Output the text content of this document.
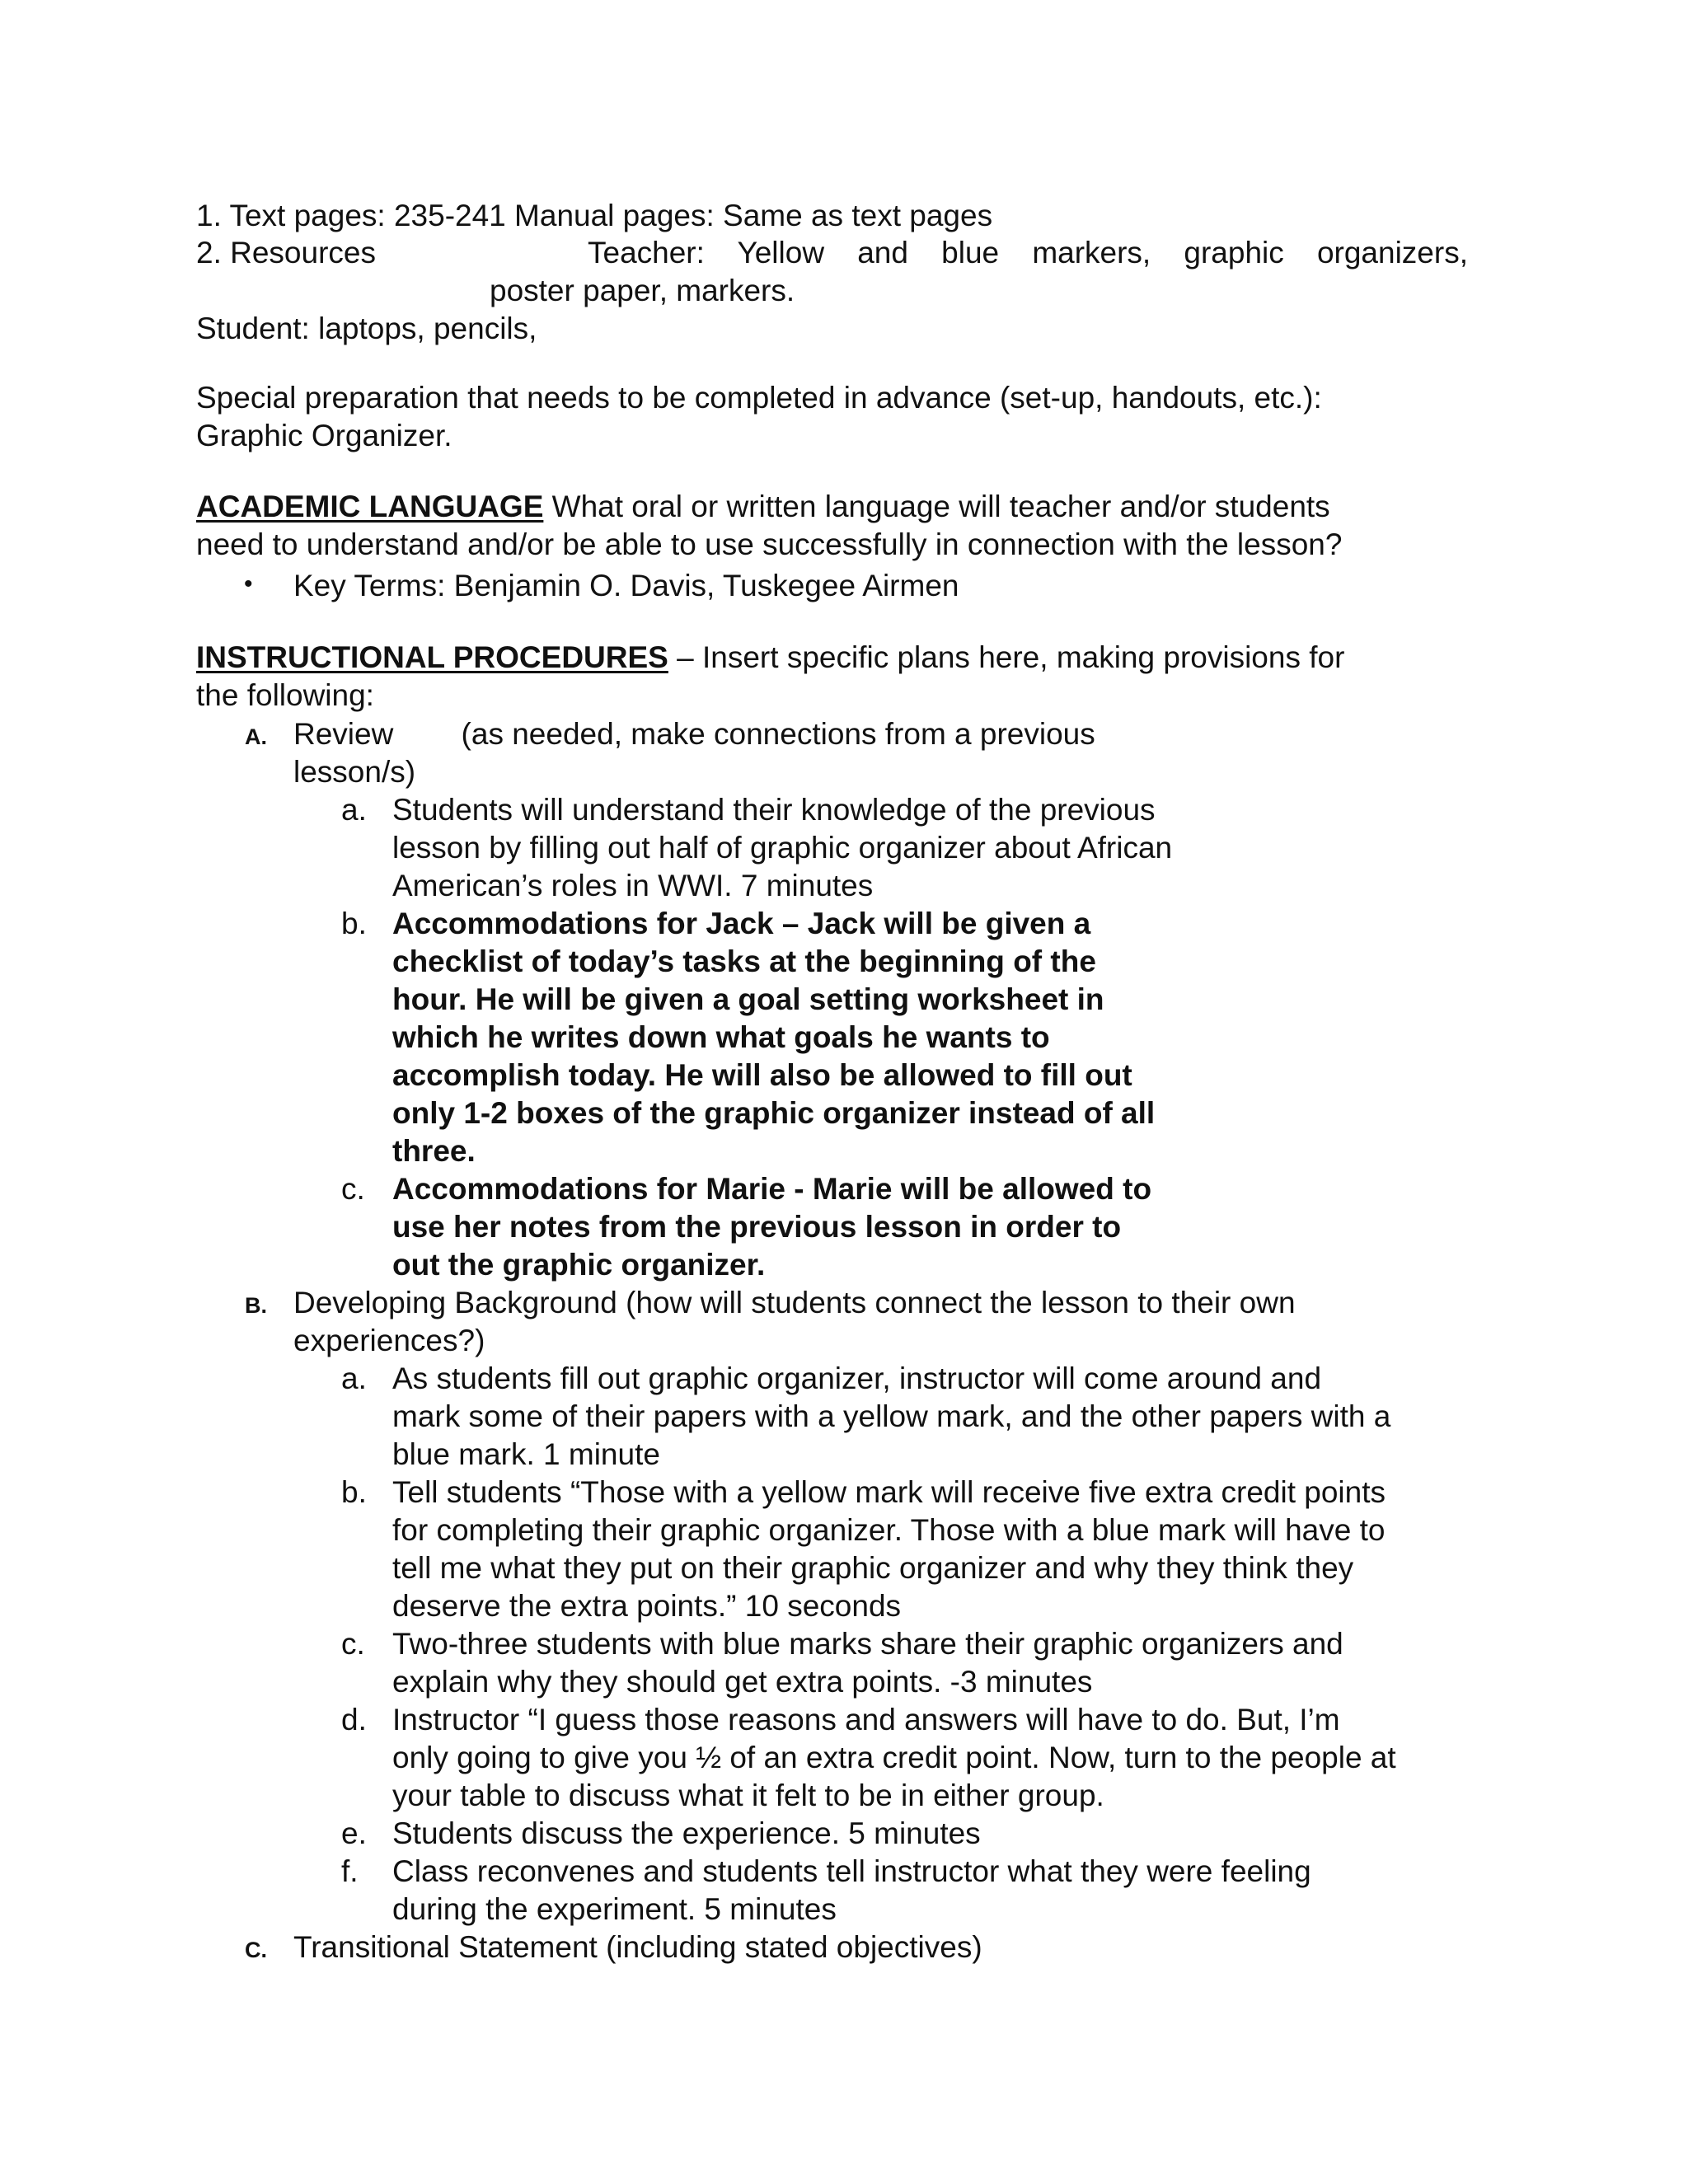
1. Text pages: 235-241 Manual pages: Same as text pages
2. Resources	Teacher: Yellow and blue markers, graphic organizers,
poster paper, markers.
Student: laptops, pencils,
Special preparation that needs to be completed in advance (set-up, handouts, etc.):
Graphic Organizer.
ACADEMIC LANGUAGE What oral or written language will teacher and/or students
need to understand and/or be able to use successfully in connection with the lesson?
• Key Terms: Benjamin O. Davis, Tuskegee Airmen
INSTRUCTIONAL PROCEDURES – Insert specific plans here, making provisions for
the following:
A. Review        (as needed, make connections from a previous
lesson/s)
a. Students will understand their knowledge of the previous
lesson by filling out half of graphic organizer about African
American’s roles in WWI. 7 minutes
b. Accommodations for Jack – Jack will be given a
checklist of today’s tasks at the beginning of the
hour. He will be given a goal setting worksheet in
which he writes down what goals he wants to
accomplish today. He will also be allowed to fill out
only 1-2 boxes of the graphic organizer instead of all
three.
c. Accommodations for Marie - Marie will be allowed to
use her notes from the previous lesson in order to
out the graphic organizer.
B. Developing Background (how will students connect the lesson to their own
experiences?)
a. As students fill out graphic organizer, instructor will come around and
mark some of their papers with a yellow mark, and the other papers with a
blue mark. 1 minute
b. Tell students “Those with a yellow mark will receive five extra credit points
for completing their graphic organizer. Those with a blue mark will have to
tell me what they put on their graphic organizer and why they think they
deserve the extra points.” 10 seconds
c. Two-three students with blue marks share their graphic organizers and
explain why they should get extra points. -3 minutes
d. Instructor “I guess those reasons and answers will have to do. But, I’m
only going to give you ½ of an extra credit point. Now, turn to the people at
your table to discuss what it felt to be in either group.
e. Students discuss the experience. 5 minutes
f. Class reconvenes and students tell instructor what they were feeling
during the experiment. 5 minutes
C. Transitional Statement (including stated objectives)
